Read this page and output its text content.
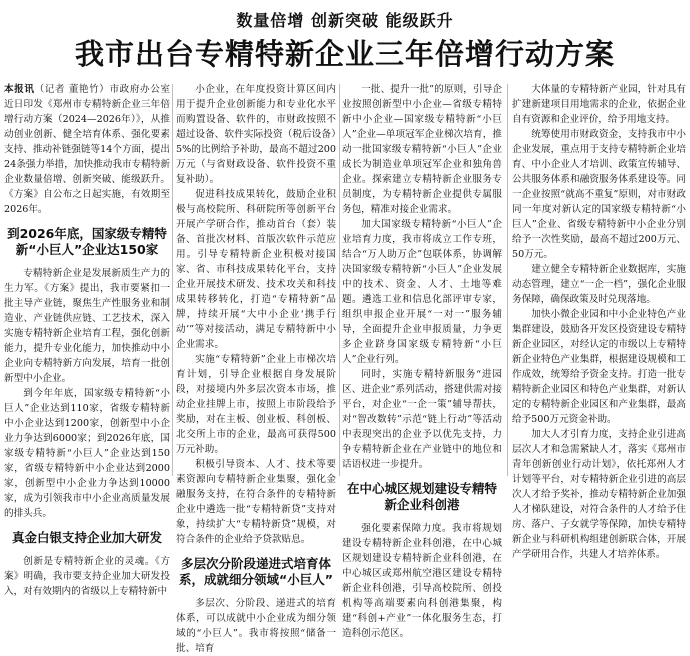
数量倍增 创新突破 能级跃升
我市出台专精特新企业三年倍增行动方案

本报讯（记者 董艳竹）市政府办公室近日印发《郑州市专精特新企业三年倍增行动方案（2024—2026年）》，从推动创业创新、健全培育体系、强化要素支持、推动补链强链等14个方面，提出24条强力举措，加快推动我市专精特新企业数量倍增、创新突破、能级跃升。《方案》自公布之日起实施，有效期至2026年。

到2026年底，国家级专精特新“小巨人”企业达150家

专精特新企业是发展新质生产力的生力军。《方案》提出，我市要紧扣一批主导产业链，聚焦生产性服务业和制造业、产业链供应链、工艺技术，深入实施专精特新企业培育工程，强化创新能力，提升专业化能力，加快推动中小企业向专精特新方向发展，培育一批创新型中小企业。

到今年年底，国家级专精特新“小巨人”企业达到110家，省级专精特新中小企业达到1200家，创新型中小企业力争达到6000家；到2026年底，国家级专精特新“小巨人”企业达到150家，省级专精特新中小企业达到2000家，创新型中小企业力争达到10000家，成为引领我市中小企业高质量发展的排头兵。

真金白银支持企业加大研发

创新是专精特新企业的灵魂。《方案》明确，我市要支持企业加大研发投入，对有效期内的省级以上专精特新中

小企业，在年度投资计算区间内用于提升企业创新能力和专业化水平而购置设备、软件的，市财政按照不超过设备、软件实际投资（税后设备）5%的比例给予补助，最高不超过200万元（与省财政设备、软件投资不重复补助）。

促进科技成果转化，鼓励企业积极与高校院所、科研院所等创新平台开展产学研合作，推动首台（套）装备、首批次材料、首版次软件示范应用。引导专精特新企业积极对接国家、省、市科技成果转化平台，支持企业开展技术研发、技术攻关和科技成果转移转化，打造“专精特新”品牌，持续开展“大中小企业‘携手行动’”等对接活动，满足专精特新中小企业需求。

实施“专精特新”企业上市梯次培育计划，引导企业根据自身发展阶段，对接境内外多层次资本市场，推动企业挂牌上市，按照上市阶段给予奖励，对在主板、创业板、科创板、北交所上市的企业，最高可获得500万元补助。

积极引导资本、人才、技术等要素资源向专精特新企业集聚，强化金融服务支持，在符合条件的专精特新企业中遴选一批“专精特新贷”支持对象，持续扩大“专精特新贷”规模，对符合条件的企业给予贷款贴息。

多层次分阶段递进式培育体系，成就细分领域“小巨人”

多层次、分阶段、递进式的培育体系，可以成就中小企业成为细分领域的“小巨人”。我市将按照“储备一批、培育

一批、提升一批”的原则，引导企业按照创新型中小企业—省级专精特新中小企业—国家级专精特新“小巨人”企业—单项冠军企业梯次培育，推动一批国家级专精特新“小巨人”企业成长为制造业单项冠军企业和独角兽企业。探索建立专精特新企业服务专员制度，为专精特新企业提供专属服务包，精准对接企业需求。

加大国家级专精特新“小巨人”企业培育力度，我市将成立工作专班，结合“万人助万企”包联体系，协调解决国家级专精特新“小巨人”企业发展中的技术、资金、人才、土地等难题。遴选工业和信息化部评审专家，组织申报企业开展“一对一”服务辅导，全面提升企业申报质量，力争更多企业跻身国家级专精特新“小巨人”企业行列。

同时，实施专精特新服务“进园区、进企业”系列活动，搭建供需对接平台，对企业“一企一策”辅导帮扶，对“智改数转”示范“链上行动”等活动中表现突出的企业予以优先支持，力争专精特新企业在产业链中的地位和话语权进一步提升。

在中心城区规划建设专精特新企业科创港

强化要素保障力度。我市将规划建设专精特新企业科创港，在中心城区规划建设专精特新企业科创港，在中心城区或郑州航空港区建设专精特新企业科创港，引导高校院所、创投机构等高端要素向科创港集聚，构建“科创+产业”一体化服务生态，打造科创示范区。

大体量的专精特新产业园，针对具有扩建新建项目用地需求的企业，依据企业自有资源和企业评价，给予用地支持。

统筹使用市财政资金，支持我市中小企业发展，重点用于支持专精特新企业培育、中小企业人才培训、政策宣传辅导、公共服务体系和融资服务体系建设等。同一企业按照“就高不重复”原则，对市财政同一年度对新认定的国家级专精特新“小巨人”企业、省级专精特新中小企业分别给予一次性奖励，最高不超过200万元、50万元。

建立健全专精特新企业数据库，实施动态管理，建立“一企一档”，强化企业服务保障，确保政策及时兑现落地。

加快小微企业园和中小企业特色产业集群建设，鼓励各开发区投资建设专精特新企业园区，对经认定的市级以上专精特新企业特色产业集群，根据建设规模和工作成效，统筹给予资金支持。打造一批专精特新企业园区和特色产业集群，对新认定的专精特新企业园区和产业集群，最高给予500万元资金补助。

加大人才引育力度，支持企业引进高层次人才和急需紧缺人才，落实《郑州市青年创新创业行动计划》，依托郑州人才计划等平台，对专精特新企业引进的高层次人才给予奖补，推动专精特新企业加强人才梯队建设，对符合条件的人才给予住房、落户、子女就学等保障，加快专精特新企业与科研机构组建创新联合体，开展产学研用合作，共建人才培养体系。
